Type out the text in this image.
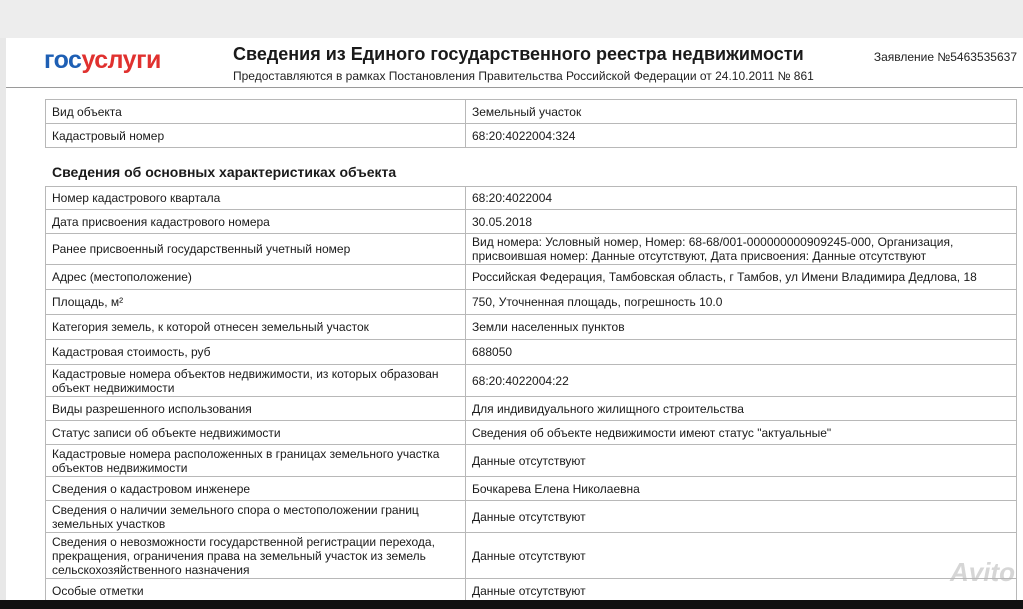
госуслуги	Сведения из Единого государственного реестра недвижимости
Предоставляются в рамках Постановления Правительства Российской Федерации от 24.10.2011 № 861
Заявление №5463535637
Вид объекта	Земельный участок
Кадастровый номер	68:20:4022004:324
Сведения об основных характеристиках объекта
Номер кадастрового квартала	68:20:4022004
Дата присвоения кадастрового номера	30.05.2018
Ранее присвоенный государственный учетный номер	Вид номера: Условный номер, Номер: 68-68/001-000000000909245-000, Организация, присвоившая номер: Данные отсутствуют, Дата присвоения: Данные отсутствуют
Адрес (местоположение)	Российская Федерация, Тамбовская область, г Тамбов, ул Имени Владимира Дедлова, 18
Площадь, м²	750, Уточненная площадь, погрешность 10.0
Категория земель, к которой отнесен земельный участок	Земли населенных пунктов
Кадастровая стоимость, руб	688050
Кадастровые номера объектов недвижимости, из которых образован объект недвижимости	68:20:4022004:22
Виды разрешенного использования	Для индивидуального жилищного строительства
Статус записи об объекте недвижимости	Сведения об объекте недвижимости имеют статус "актуальные"
Кадастровые номера расположенных в границах земельного участка объектов недвижимости	Данные отсутствуют
Сведения о кадастровом инженере	Бочкарева Елена Николаевна
Сведения о наличии земельного спора о местоположении границ земельных участков	Данные отсутствуют
Сведения о невозможности государственной регистрации перехода, прекращения, ограничения права на земельный участок из земель сельскохозяйственного назначения	Данные отсутствуют
Особые отметки	Данные отсутствуют
Avito
